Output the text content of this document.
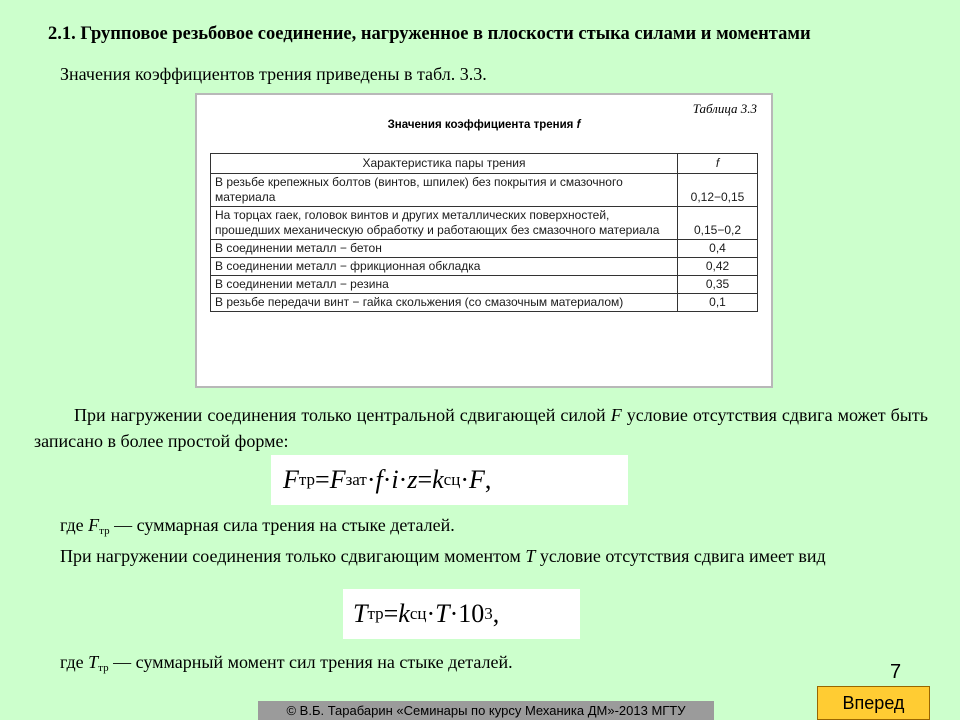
2.1. Групповое резьбовое соединение, нагруженное в плоскости стыка силами и моментами
Значения коэффициентов трения приведены в табл. 3.3.
Таблица 3.3
Значения коэффициента трения f
Характеристика пары трения	f
В резьбе крепежных болтов (винтов, шпилек) без покрытия и смазочного материала	0,12−0,15
На торцах гаек, головок винтов и других металлических поверхностей, прошедших механическую обработку и работающих без смазочного материала	0,15−0,2
В соединении металл − бетон	0,4
В соединении металл − фрикционная обкладка	0,42
В соединении металл − резина	0,35
В резьбе передачи винт − гайка скольжения (со смазочным материалом)	0,1
При нагружении соединения только центральной сдвигающей силой F условие отсутствия сдвига может быть записано в более простой форме:
F тр = F зат · f · i · z = k сц · F ,
где $F_{тр}$ — суммарная сила трения на стыке деталей.
При нагружении соединения только сдвигающим моментом T условие отсутствия сдвига имеет вид
T тр = k сц · T · 10 3 ,
где $T_{тр}$ — суммарный момент сил трения на стыке деталей.	7
© В.Б. Тарабарин «Семинары по курсу Механика ДМ»-2013 МГТУ	Вперед
